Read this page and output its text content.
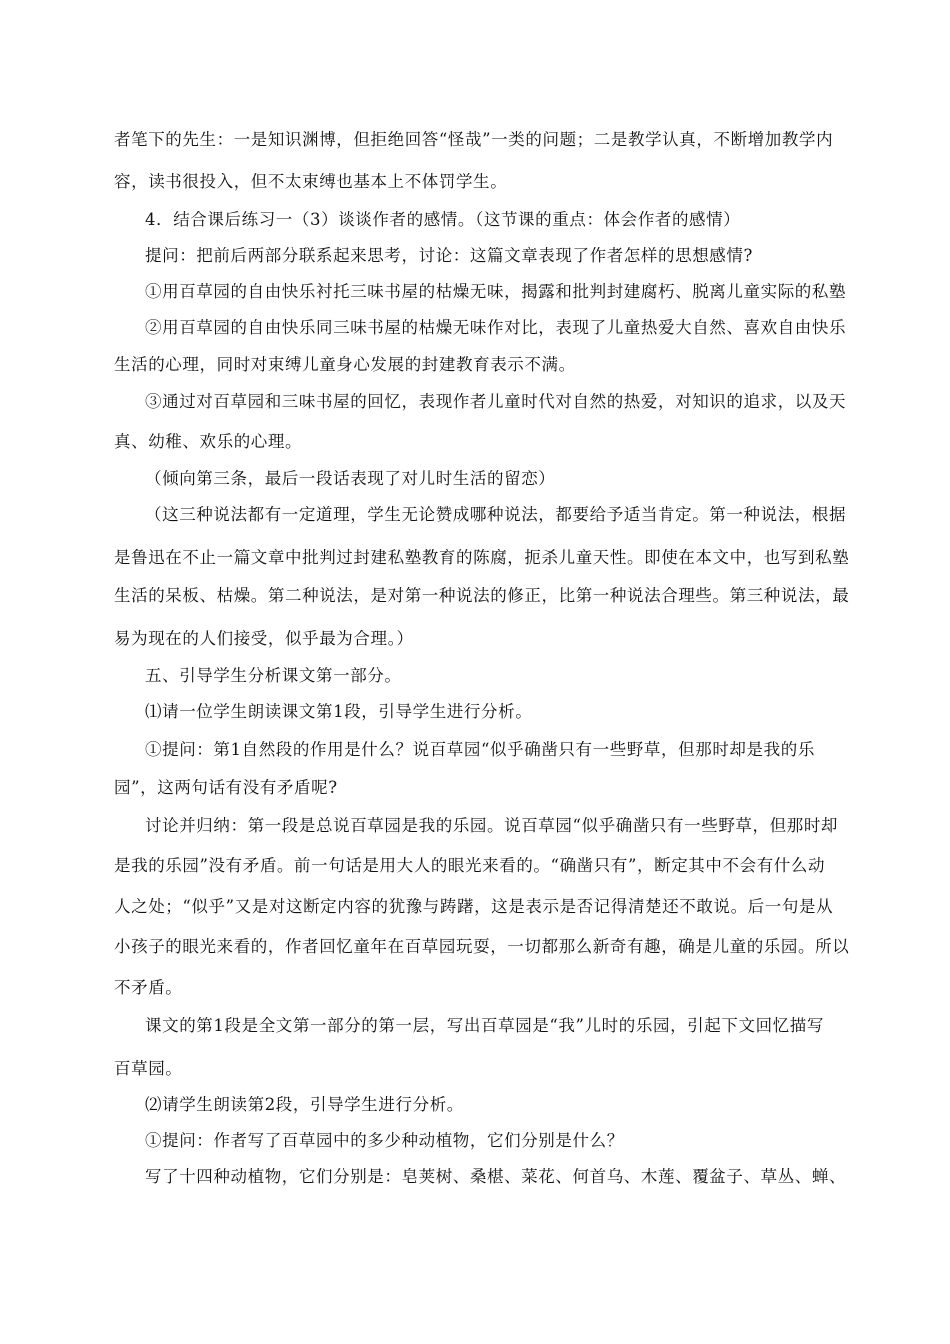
者笔下的先生：一是知识渊博，但拒绝回答“怪哉”一类的问题；二是教学认真，不断增加教学内
容，读书很投入，但不太束缚也基本上不体罚学生。
4．结合课后练习一（3）谈谈作者的感情。（这节课的重点：体会作者的感情）
提问：把前后两部分联系起来思考，讨论：这篇文章表现了作者怎样的思想感情?
①用百草园的自由快乐衬托三味书屋的枯燥无味，揭露和批判封建腐朽、脱离儿童实际的私塾
②用百草园的自由快乐同三味书屋的枯燥无味作对比，表现了儿童热爱大自然、喜欢自由快乐
生活的心理，同时对束缚儿童身心发展的封建教育表示不满。
③通过对百草园和三味书屋的回忆，表现作者儿童时代对自然的热爱，对知识的追求，以及天
真、幼稚、欢乐的心理。
（倾向第三条，最后一段话表现了对儿时生活的留恋）
（这三种说法都有一定道理，学生无论赞成哪种说法，都要给予适当肯定。第一种说法，根据
是鲁迅在不止一篇文章中批判过封建私塾教育的陈腐，扼杀儿童天性。即使在本文中，也写到私塾
生活的呆板、枯燥。第二种说法，是对第一种说法的修正，比第一种说法合理些。第三种说法，最
易为现在的人们接受，似乎最为合理。）
五、引导学生分析课文第一部分。
⑴请一位学生朗读课文第1段，引导学生进行分析。
①提问：第1自然段的作用是什么？说百草园“似乎确凿只有一些野草，但那时却是我的乐
园”，这两句话有没有矛盾呢?
讨论并归纳：第一段是总说百草园是我的乐园。说百草园“似乎确凿只有一些野草，但那时却
是我的乐园”没有矛盾。前一句话是用大人的眼光来看的。“确凿只有”，断定其中不会有什么动
人之处；“似乎”又是对这断定内容的犹豫与踌躇，这是表示是否记得清楚还不敢说。后一句是从
小孩子的眼光来看的，作者回忆童年在百草园玩耍，一切都那么新奇有趣，确是儿童的乐园。所以
不矛盾。
课文的第1段是全文第一部分的第一层，写出百草园是“我”儿时的乐园，引起下文回忆描写
百草园。
⑵请学生朗读第2段，引导学生进行分析。
①提问：作者写了百草园中的多少种动植物，它们分别是什么？
写了十四种动植物，它们分别是：皂荚树、桑椹、菜花、何首乌、木莲、覆盆子、草丛、蝉、
